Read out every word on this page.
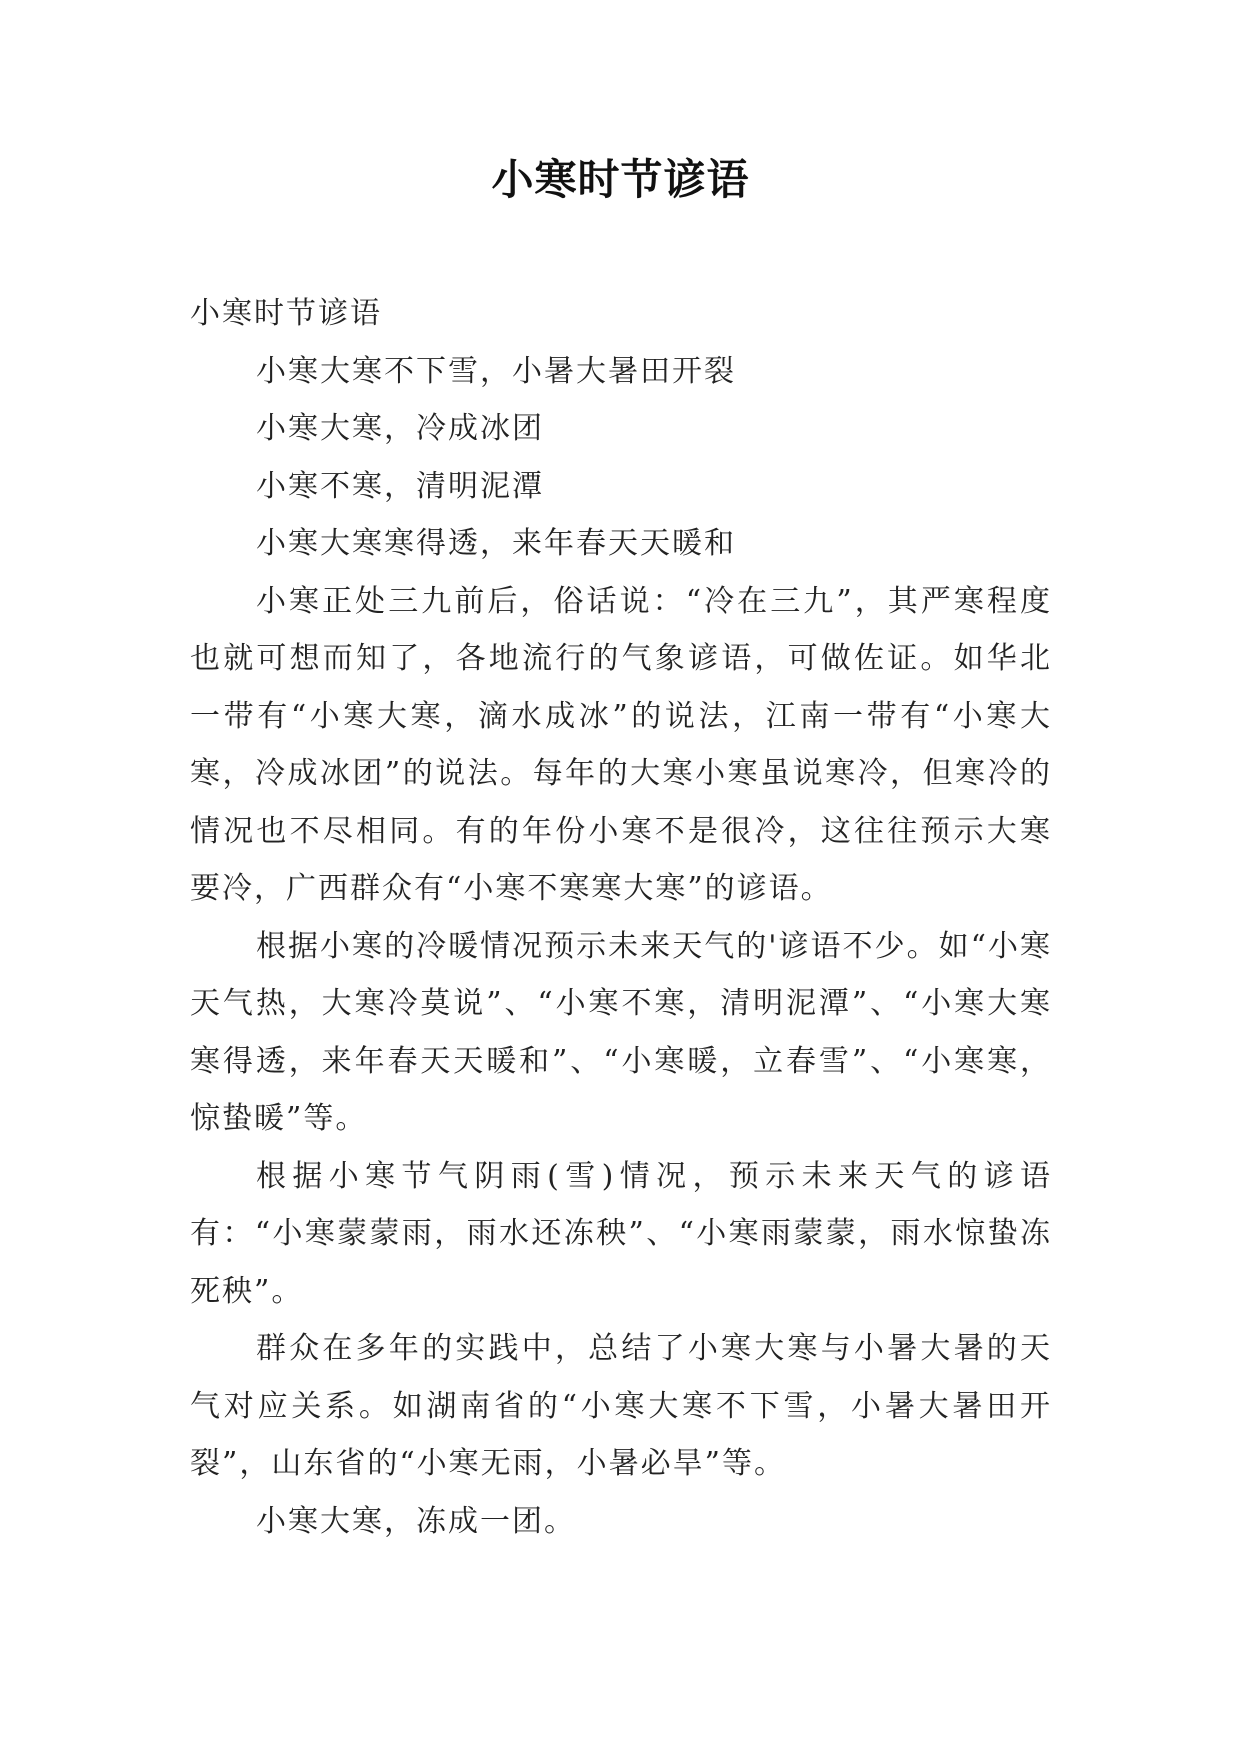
小寒时节谚语

小寒时节谚语

小寒大寒不下雪，小暑大暑田开裂

小寒大寒，冷成冰团

小寒不寒，清明泥潭

小寒大寒寒得透，来年春天天暖和

小寒正处三九前后，俗话说：“冷在三九”，其严寒程度也就可想而知了，各地流行的气象谚语，可做佐证。如华北一带有“小寒大寒，滴水成冰”的说法，江南一带有“小寒大寒，冷成冰团”的说法。每年的大寒小寒虽说寒冷，但寒冷的情况也不尽相同。有的年份小寒不是很冷，这往往预示大寒要冷，广西群众有“小寒不寒寒大寒”的谚语。

根据小寒的冷暖情况预示未来天气的'谚语不少。如“小寒天气热，大寒冷莫说”、“小寒不寒，清明泥潭”、“小寒大寒寒得透，来年春天天暖和”、“小寒暖，立春雪”、“小寒寒，惊蛰暖”等。

根据小寒节气阴雨(雪)情况，预示未来天气的谚语有：“小寒蒙蒙雨，雨水还冻秧”、“小寒雨蒙蒙，雨水惊蛰冻死秧”。

群众在多年的实践中，总结了小寒大寒与小暑大暑的天气对应关系。如湖南省的“小寒大寒不下雪，小暑大暑田开裂”，山东省的“小寒无雨，小暑必旱”等。

小寒大寒，冻成一团。
